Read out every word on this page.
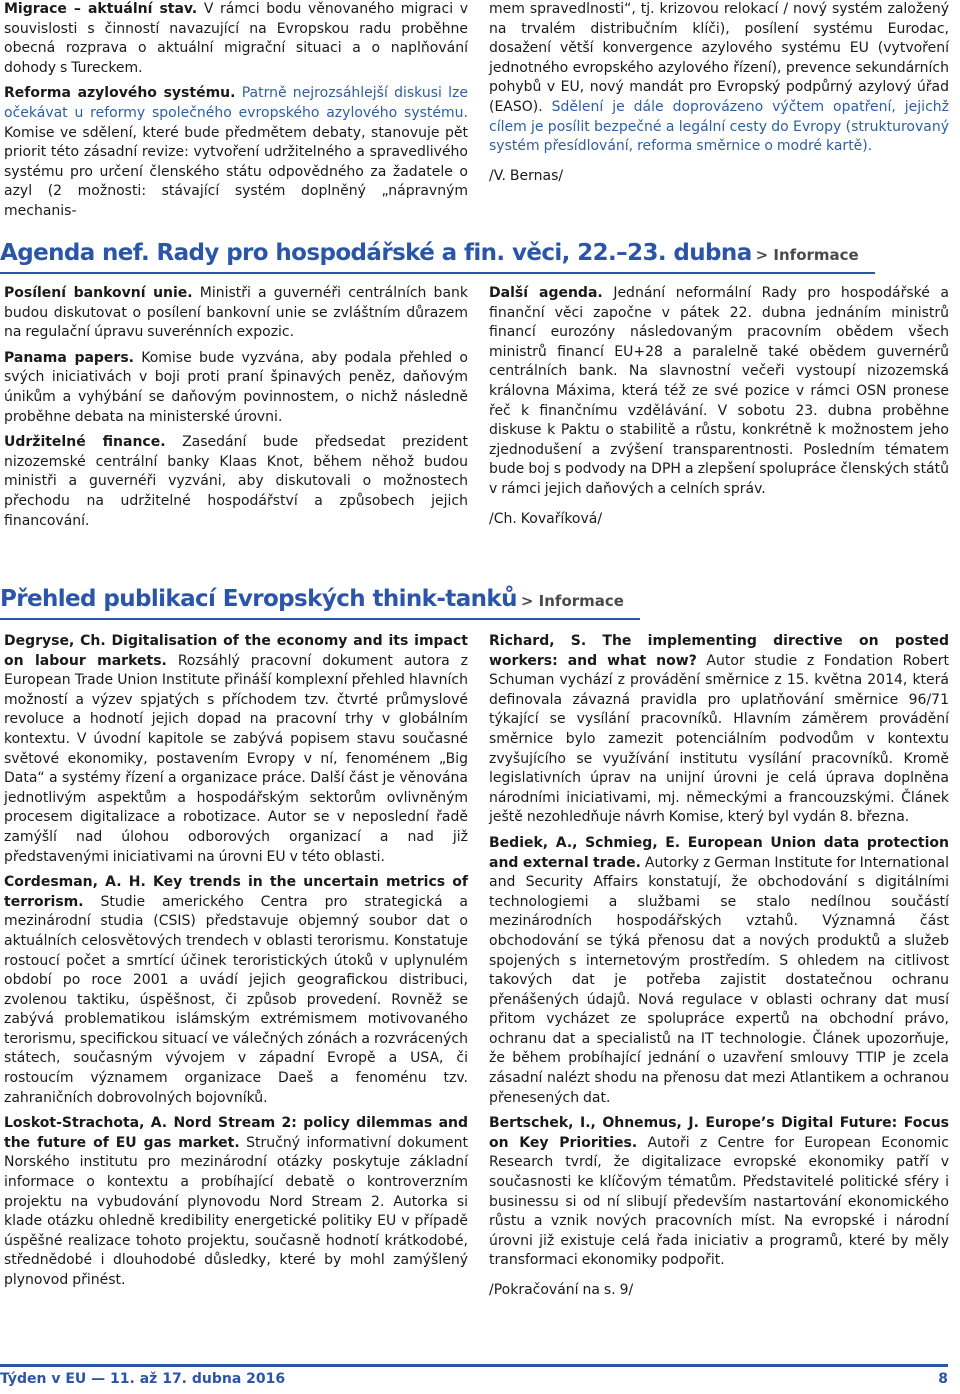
Migrace – aktuální stav. V rámci bodu věnovaného migraci v souvislosti s činností navazující na Evropskou radu proběhne obecná rozprava o aktuální migrační situaci a o naplňování dohody s Tureckem.

Reforma azylového systému. Patrně nejrozsáhlejší diskusi lze očekávat u reformy společného evropského azylového systému. Komise ve sdělení, které bude předmětem debaty, stanovuje pět priorit této zásadní revize: vytvoření udržitelného a spravedlivého systému pro určení členského státu odpovědného za žadatele o azyl (2 možnosti: stávající systém doplněný „nápravným mechanis-

mem spravedlnosti“, tj. krizovou relokací / nový systém založený na trvalém distribučním klíči), posílení systému Eurodac, dosažení větší konvergence azylového systému EU (vytvoření jednotného evropského azylového řízení), prevence sekundárních pohybů v EU, nový mandát pro Evropský podpůrný azylový úřad (EASO). Sdělení je dále doprovázeno výčtem opatření, jejichž cílem je posílit bezpečné a legální cesty do Evropy (strukturovaný systém přesídlování, reforma směrnice o modré kartě).

/V. Bernas/

Agenda nef. Rady pro hospodářské a fin. věci, 22.–23. dubna > Informace

Posílení bankovní unie. Ministři a guvernéři centrálních bank budou diskutovat o posílení bankovní unie se zvláštním důrazem na regulační úpravu suverénních expozic.

Panama papers. Komise bude vyzvána, aby podala přehled o svých iniciativách v boji proti praní špinavých peněz, daňovým únikům a vyhýbání se daňovým povinnostem, o nichž následně proběhne debata na ministerské úrovni.

Udržitelné finance. Zasedání bude předsedat prezident nizozemské centrální banky Klaas Knot, během něhož budou ministři a guvernéři vyzváni, aby diskutovali o možnostech přechodu na udržitelné hospodářství a způsobech jejich financování.

Další agenda. Jednání neformální Rady pro hospodářské a finanční věci započne v pátek 22. dubna jednáním ministrů financí eurozóny následovaným pracovním obědem všech ministrů financí EU+28 a paralelně také obědem guvernérů centrálních bank. Na slavnostní večeři vystoupí nizozemská královna Máxima, která též ze své pozice v rámci OSN pronese řeč k finančnímu vzdělávání. V sobotu 23. dubna proběhne diskuse k Paktu o stabilitě a růstu, konkrétně k možnostem jeho zjednodušení a zvýšení transparentnosti. Posledním tématem bude boj s podvody na DPH a zlepšení spolupráce členských států v rámci jejich daňových a celních správ.

/Ch. Kovaříková/

Přehled publikací Evropských think-tanků > Informace

Degryse, Ch. Digitalisation of the economy and its impact on labour markets. Rozsáhlý pracovní dokument autora z European Trade Union Institute přináší komplexní přehled hlavních možností a výzev spjatých s příchodem tzv. čtvrté průmyslové revoluce a hodnotí jejich dopad na pracovní trhy v globálním kontextu. V úvodní kapitole se zabývá popisem stavu současné světové ekonomiky, postavením Evropy v ní, fenoménem „Big Data“ a systémy řízení a organizace práce. Další část je věnována jednotlivým aspektům a hospodářským sektorům ovlivněným procesem digitalizace a robotizace. Autor se v neposlední řadě zamýšlí nad úlohou odborových organizací a nad již představenými iniciativami na úrovni EU v této oblasti.

Cordesman, A. H. Key trends in the uncertain metrics of terrorism. Studie amerického Centra pro strategická a mezinárodní studia (CSIS) představuje objemný soubor dat o aktuálních celosvětových trendech v oblasti terorismu. Konstatuje rostoucí počet a smrtící účinek teroristických útoků v uplynulém období po roce 2001 a uvádí jejich geografickou distribuci, zvolenou taktiku, úspěšnost, či způsob provedení. Rovněž se zabývá problematikou islámským extrémismem motivovaného terorismu, specifickou situací ve válečných zónách a rozvrácených státech, současným vývojem v západní Evropě a USA, či rostoucím významem organizace Daeš a fenoménu tzv. zahraničních dobrovolných bojovníků.

Loskot-Strachota, A. Nord Stream 2: policy dilemmas and the future of EU gas market. Stručný informativní dokument Norského institutu pro mezinárodní otázky poskytuje základní informace o kontextu a probíhající debatě o kontroverzním projektu na vybudování plynovodu Nord Stream 2. Autorka si klade otázku ohledně kredibility energetické politiky EU v případě úspěšné realizace tohoto projektu, současně hodnotí krátkodobé, střednědobé i dlouhodobé důsledky, které by mohl zamýšlený plynovod přinést.

Richard, S. The implementing directive on posted workers: and what now? Autor studie z Fondation Robert Schuman vychází z provádění směrnice z 15. května 2014, která definovala závazná pravidla pro uplatňování směrnice 96/71 týkající se vysílání pracovníků. Hlavním záměrem provádění směrnice bylo zamezit potenciálním podvodům v kontextu zvyšujícího se využívání institutu vysílání pracovníků. Kromě legislativních úprav na unijní úrovni je celá úprava doplněna národními iniciativami, mj. německými a francouzskými. Článek ještě nezohledňuje návrh Komise, který byl vydán 8. března.

Bediek, A., Schmieg, E. European Union data protection and external trade. Autorky z German Institute for International and Security Affairs konstatují, že obchodování s digitálními technologiemi a službami se stalo nedílnou součástí mezinárodních hospodářských vztahů. Významná část obchodování se týká přenosu dat a nových produktů a služeb spojených s internetovým prostředím. S ohledem na citlivost takových dat je potřeba zajistit dostatečnou ochranu přenášených údajů. Nová regulace v oblasti ochrany dat musí přitom vycházet ze spolupráce expertů na obchodní právo, ochranu dat a specialistů na IT technologie. Článek upozorňuje, že během probíhající jednání o uzavření smlouvy TTIP je zcela zásadní nalézt shodu na přenosu dat mezi Atlantikem a ochranou přenesených dat.

Bertschek, I., Ohnemus, J. Europe’s Digital Future: Focus on Key Priorities. Autoři z Centre for European Economic Research tvrdí, že digitalizace evropské ekonomiky patří v současnosti ke klíčovým tématům. Představitelé politické sféry i businessu si od ní slibují především nastartování ekonomického růstu a vznik nových pracovních míst. Na evropské i národní úrovni již existuje celá řada iniciativ a programů, které by měly transformaci ekonomiky podpořit.

/Pokračování na s. 9/

Týden v EU — 11. až 17. dubna 2016	8
